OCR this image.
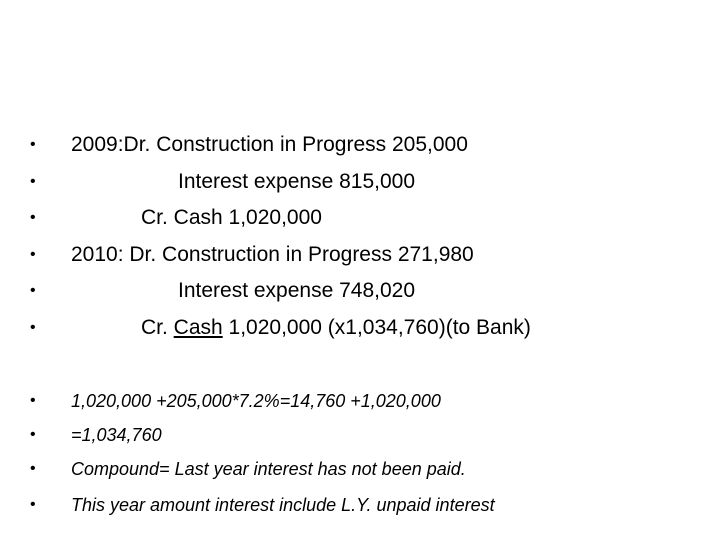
• 2009:Dr. Construction in Progress 205,000
•	Interest expense 815,000
•	Cr. Cash 1,020,000
• 2010: Dr. Construction in Progress 271,980
•	Interest expense 748,020
•	Cr. Cash 1,020,000 (x1,034,760)(to Bank)
• 1,020,000 +205,000*7.2%=14,760 +1,020,000
• =1,034,760
• Compound= Last year interest has not been paid.
• This year amount interest include L.Y. unpaid interest
